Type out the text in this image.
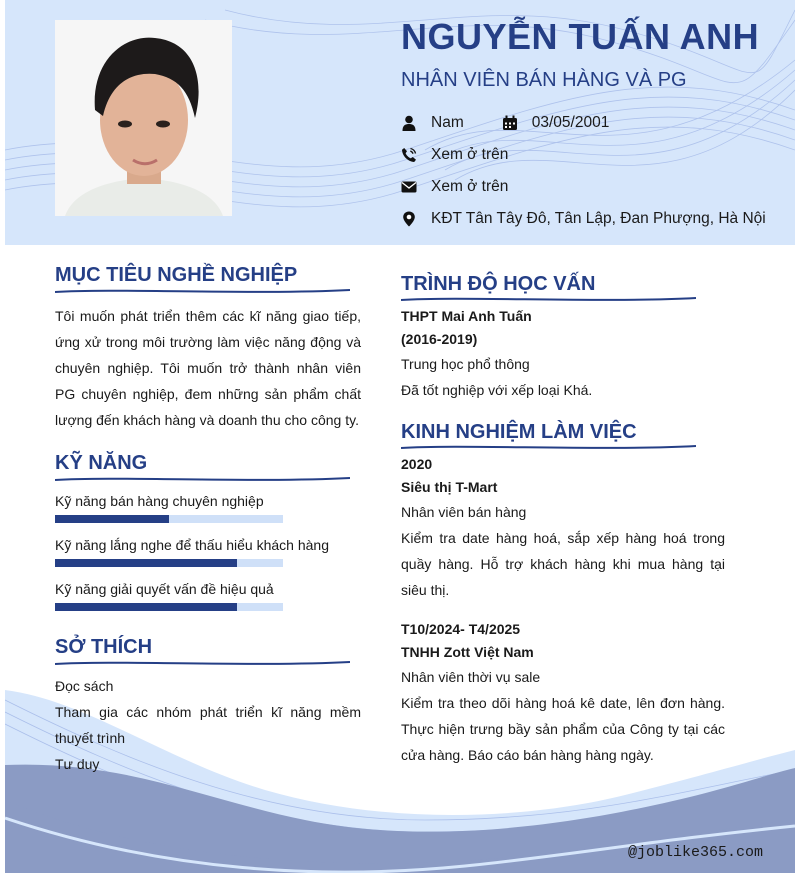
NGUYỄN TUẤN ANH
NHÂN VIÊN BÁN HÀNG VÀ PG
Nam	03/05/2001
Xem ở trên
Xem ở trên
KĐT Tân Tây Đô, Tân Lập, Đan Phượng, Hà Nội
MỤC TIÊU NGHỀ NGHIỆP
Tôi muốn phát triển thêm các kĩ năng giao tiếp, ứng xử trong môi trường làm việc năng động và chuyên nghiệp. Tôi muốn trở thành nhân viên PG chuyên nghiệp, đem những sản phẩm chất lượng đến khách hàng và doanh thu cho công ty.
KỸ NĂNG
Kỹ năng bán hàng chuyên nghiệp
Kỹ năng lắng nghe để thấu hiểu khách hàng
Kỹ năng giải quyết vấn đề hiệu quả
SỞ THÍCH
Đọc sách
Tham gia các nhóm phát triển kĩ năng mềm thuyết trình
Tư duy
TRÌNH ĐỘ HỌC VẤN
THPT Mai Anh Tuấn
(2016-2019)
Trung học phổ thông
Đã tốt nghiệp với xếp loại Khá.
KINH NGHIỆM LÀM VIỆC
2020
Siêu thị T-Mart
Nhân viên bán hàng
Kiểm tra date hàng hoá, sắp xếp hàng hoá trong quầy hàng. Hỗ trợ khách hàng khi mua hàng tại siêu thị.
T10/2024- T4/2025
TNHH Zott Việt Nam
Nhân viên thời vụ sale
Kiểm tra theo dõi hàng hoá kê date, lên đơn hàng. Thực hiện trưng bầy sản phẩm của Công ty tại các cửa hàng. Báo cáo bán hàng hàng ngày.
@joblike365.com
